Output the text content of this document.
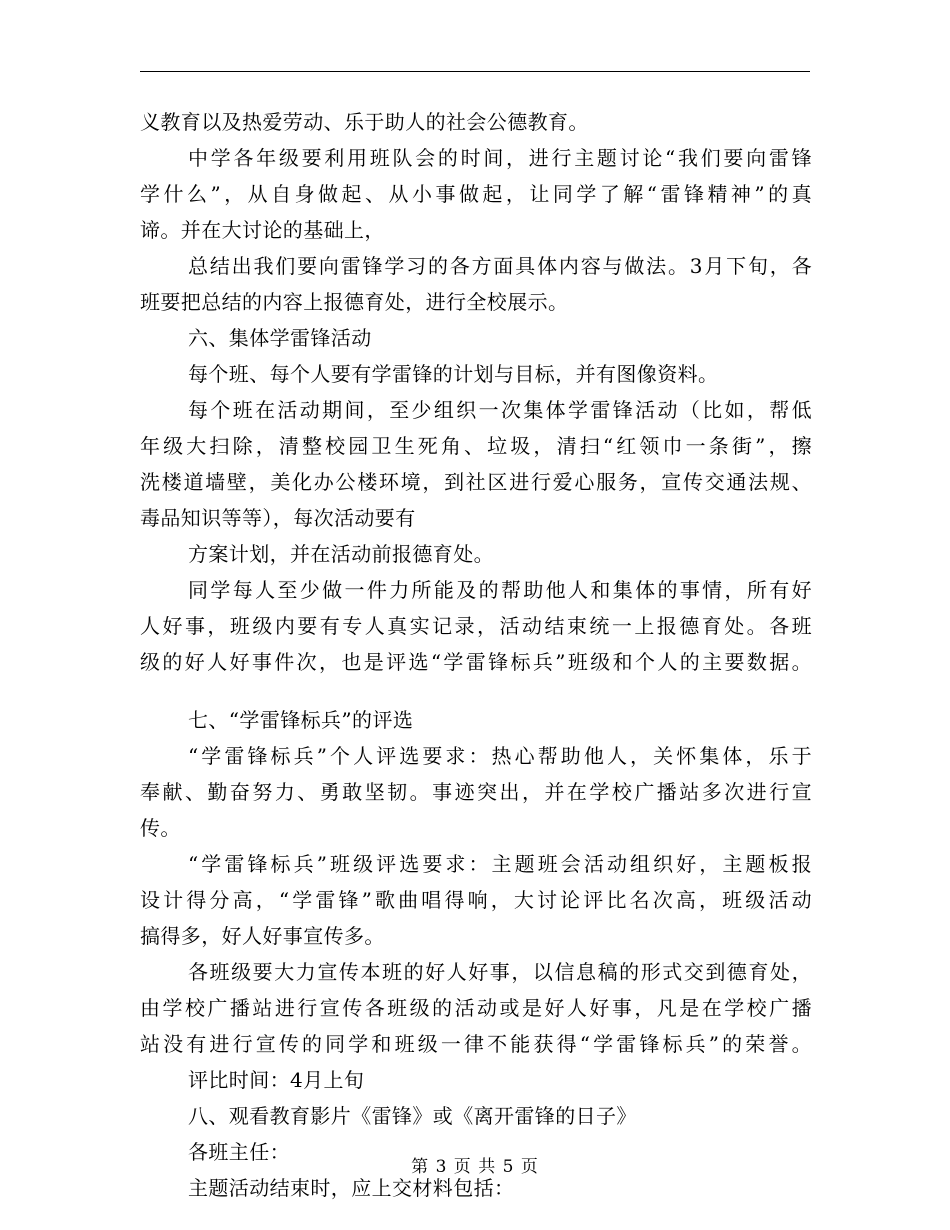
义教育以及热爱劳动、乐于助人的社会公德教育。
中学各年级要利用班队会的时间，进行主题讨论“我们要向雷锋
学什么”，从自身做起、从小事做起，让同学了解“雷锋精神”的真
谛。并在大讨论的基础上，
总结出我们要向雷锋学习的各方面具体内容与做法。3月下旬，各
班要把总结的内容上报德育处，进行全校展示。
六、集体学雷锋活动
每个班、每个人要有学雷锋的计划与目标，并有图像资料。
每个班在活动期间，至少组织一次集体学雷锋活动（比如，帮低
年级大扫除，清整校园卫生死角、垃圾，清扫“红领巾一条街”，擦
洗楼道墙壁，美化办公楼环境，到社区进行爱心服务，宣传交通法规、
毒品知识等等），每次活动要有
方案计划，并在活动前报德育处。
同学每人至少做一件力所能及的帮助他人和集体的事情，所有好
人好事，班级内要有专人真实记录，活动结束统一上报德育处。各班
级的好人好事件次，也是评选“学雷锋标兵”班级和个人的主要数据。
七、“学雷锋标兵”的评选
“学雷锋标兵”个人评选要求：热心帮助他人，关怀集体，乐于
奉献、勤奋努力、勇敢坚韧。事迹突出，并在学校广播站多次进行宣
传。
“学雷锋标兵”班级评选要求：主题班会活动组织好，主题板报
设计得分高，“学雷锋”歌曲唱得响，大讨论评比名次高，班级活动
搞得多，好人好事宣传多。
各班级要大力宣传本班的好人好事，以信息稿的形式交到德育处，
由学校广播站进行宣传各班级的活动或是好人好事，凡是在学校广播
站没有进行宣传的同学和班级一律不能获得“学雷锋标兵”的荣誉。
评比时间：4月上旬
八、观看教育影片《雷锋》或《离开雷锋的日子》
各班主任：
主题活动结束时，应上交材料包括：
第 3 页 共 5 页
